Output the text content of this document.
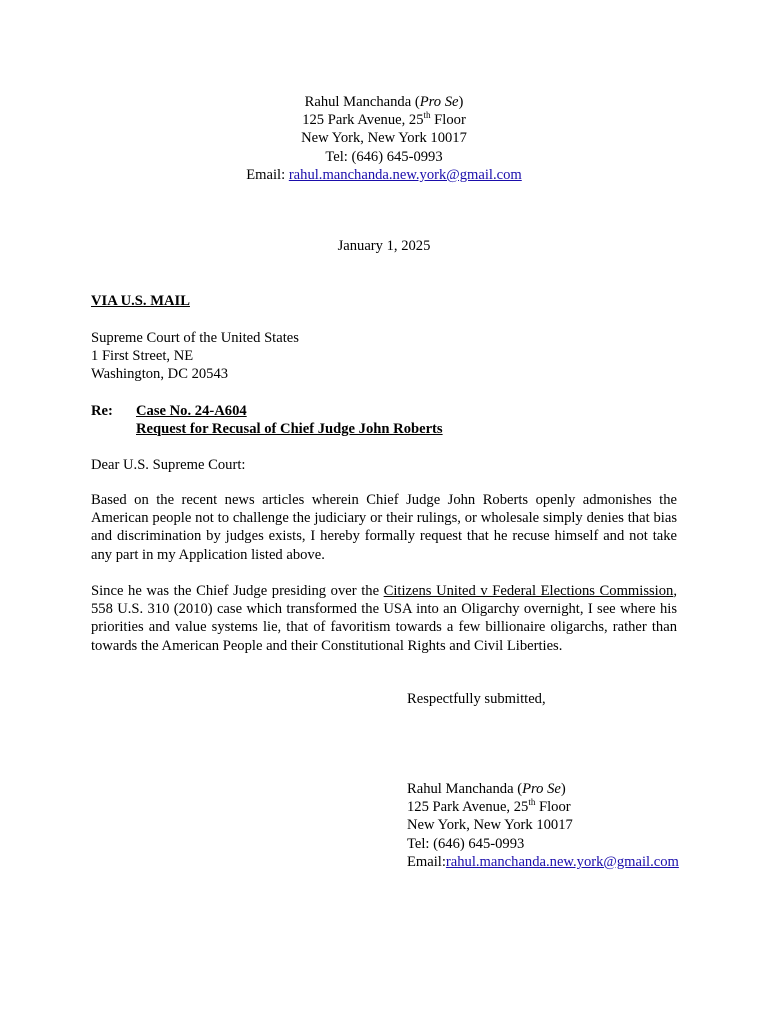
Rahul Manchanda (Pro Se)
125 Park Avenue, 25th Floor
New York, New York 10017
Tel: (646) 645-0993
Email: rahul.manchanda.new.york@gmail.com
January 1, 2025
VIA U.S. MAIL
Supreme Court of the United States
1 First Street, NE
Washington, DC 20543
Re: Case No. 24-A604
Request for Recusal of Chief Judge John Roberts
Dear U.S. Supreme Court:
Based on the recent news articles wherein Chief Judge John Roberts openly admonishes the American people not to challenge the judiciary or their rulings, or wholesale simply denies that bias and discrimination by judges exists, I hereby formally request that he recuse himself and not take any part in my Application listed above.
Since he was the Chief Judge presiding over the Citizens United v Federal Elections Commission, 558 U.S. 310 (2010) case which transformed the USA into an Oligarchy overnight, I see where his priorities and value systems lie, that of favoritism towards a few billionaire oligarchs, rather than towards the American People and their Constitutional Rights and Civil Liberties.
Respectfully submitted,
Rahul Manchanda (Pro Se)
125 Park Avenue, 25th Floor
New York, New York 10017
Tel: (646) 645-0993
Email:rahul.manchanda.new.york@gmail.com
